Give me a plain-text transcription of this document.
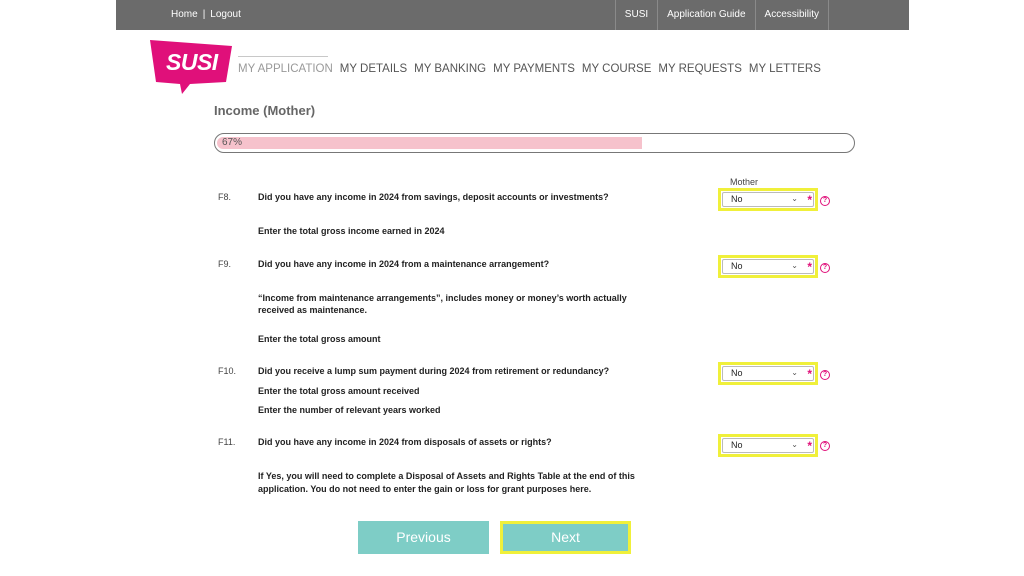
Home | Logout	SUSI	Application Guide	Accessibility
SUSI MY APPLICATION MY DETAILS MY BANKING MY PAYMENTS MY COURSE MY REQUESTS MY LETTERS
Income (Mother)
67%
Mother
F8.	Did you have any income in 2024 from savings, deposit accounts or investments?	No	⌄ *	?
Enter the total gross income earned in 2024
F9.	Did you have any income in 2024 from a maintenance arrangement?	No	⌄ *	?
“Income from maintenance arrangements”, includes money or money’s worth actually
received as maintenance.
Enter the total gross amount
F10. Did you receive a lump sum payment during 2024 from retirement or redundancy?	No	⌄ *	?
Enter the total gross amount received
Enter the number of relevant years worked
F11.	Did you have any income in 2024 from disposals of assets or rights?	No	⌄ *	?
If Yes, you will need to complete a Disposal of Assets and Rights Table at the end of this
application. You do not need to enter the gain or loss for grant purposes here.
Previous	Next
